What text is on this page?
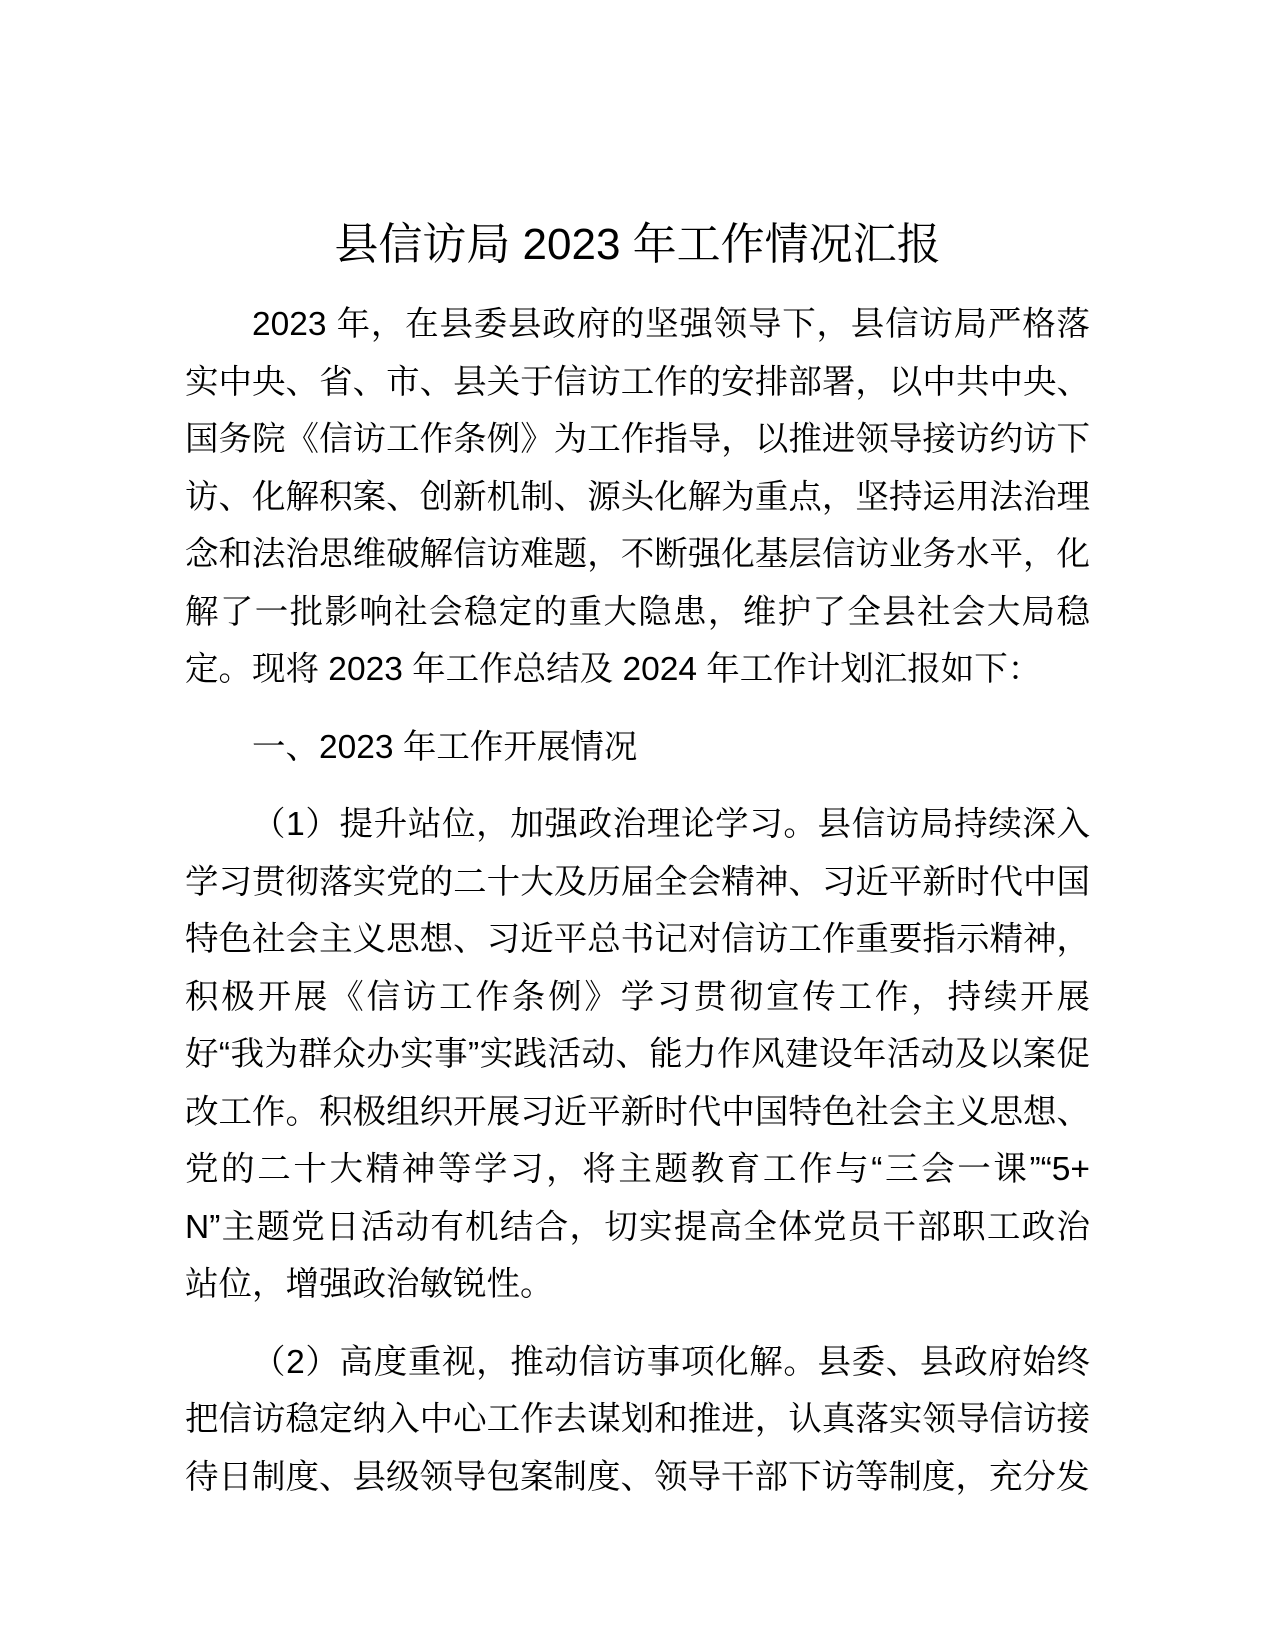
县信访局 2023 年工作情况汇报

2023 年，在县委县政府的坚强领导下，县信访局严格落实中央、省、市、县关于信访工作的安排部署，以中共中央、国务院《信访工作条例》为工作指导，以推进领导接访约访下访、化解积案、创新机制、源头化解为重点，坚持运用法治理念和法治思维破解信访难题，不断强化基层信访业务水平，化解了一批影响社会稳定的重大隐患，维护了全县社会大局稳定。现将 2023 年工作总结及 2024 年工作计划汇报如下：

一、2023 年工作开展情况

（1）提升站位，加强政治理论学习。县信访局持续深入学习贯彻落实党的二十大及历届全会精神、习近平新时代中国特色社会主义思想、习近平总书记对信访工作重要指示精神，积极开展《信访工作条例》学习贯彻宣传工作，持续开展好“我为群众办实事”实践活动、能力作风建设年活动及以案促改工作。积极组织开展习近平新时代中国特色社会主义思想、党的二十大精神等学习，将主题教育工作与“三会一课”“5+N”主题党日活动有机结合，切实提高全体党员干部职工政治站位，增强政治敏锐性。

（2）高度重视，推动信访事项化解。县委、县政府始终把信访稳定纳入中心工作去谋划和推进，认真落实领导信访接待日制度、县级领导包案制度、领导干部下访等制度，充分发
